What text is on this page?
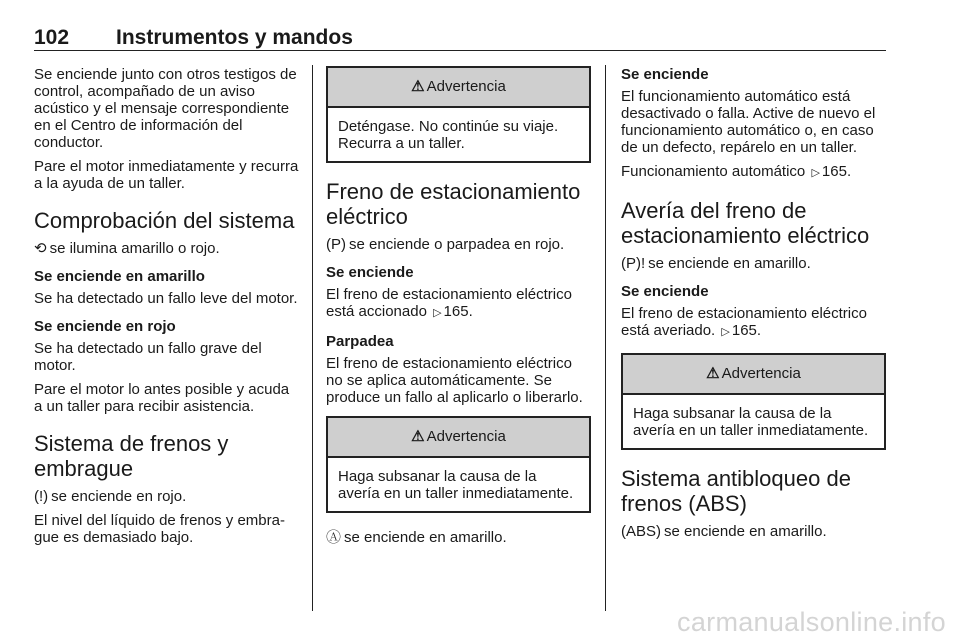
102 Instrumentos y mandos

Se enciende junto con otros testigos de control, acompañado de un aviso acústico y el mensaje correspondiente en el Centro de información del conductor.

Pare el motor inmediatamente y recurra a la ayuda de un taller.

Comprobación del sistema

⟲ se ilumina amarillo o rojo.

Se enciende en amarillo

Se ha detectado un fallo leve del motor.

Se enciende en rojo

Se ha detectado un fallo grave del motor.

Pare el motor lo antes posible y acuda a un taller para recibir asistencia.

Sistema de frenos y embrague

(!) se enciende en rojo.

El nivel del líquido de frenos y embrague es demasiado bajo.

⚠ Advertencia
Deténgase. No continúe su viaje. Recurra a un taller.
Freno de estacionamiento eléctrico

(P) se enciende o parpadea en rojo.

Se enciende

El freno de estacionamiento eléctrico está accionado ▷ 165.

Parpadea

El freno de estacionamiento eléctrico no se aplica automáticamente. Se produce un fallo al aplicarlo o liberarlo.

⚠ Advertencia
Haga subsanar la causa de la avería en un taller inmediatamente.

Ⓐ se enciende en amarillo.

Se enciende

El funcionamiento automático está desactivado o falla. Active de nuevo el funcionamiento automático o, en caso de un defecto, repárelo en un taller.

Funcionamiento automático ▷ 165.

Avería del freno de estacionamiento eléctrico

(P)! se enciende en amarillo.

Se enciende

El freno de estacionamiento eléctrico está averiado. ▷ 165.

⚠ Advertencia
Haga subsanar la causa de la avería en un taller inmediatamente.
Sistema antibloqueo de frenos (ABS)

(ABS) se enciende en amarillo.

carmanualsonline.info
